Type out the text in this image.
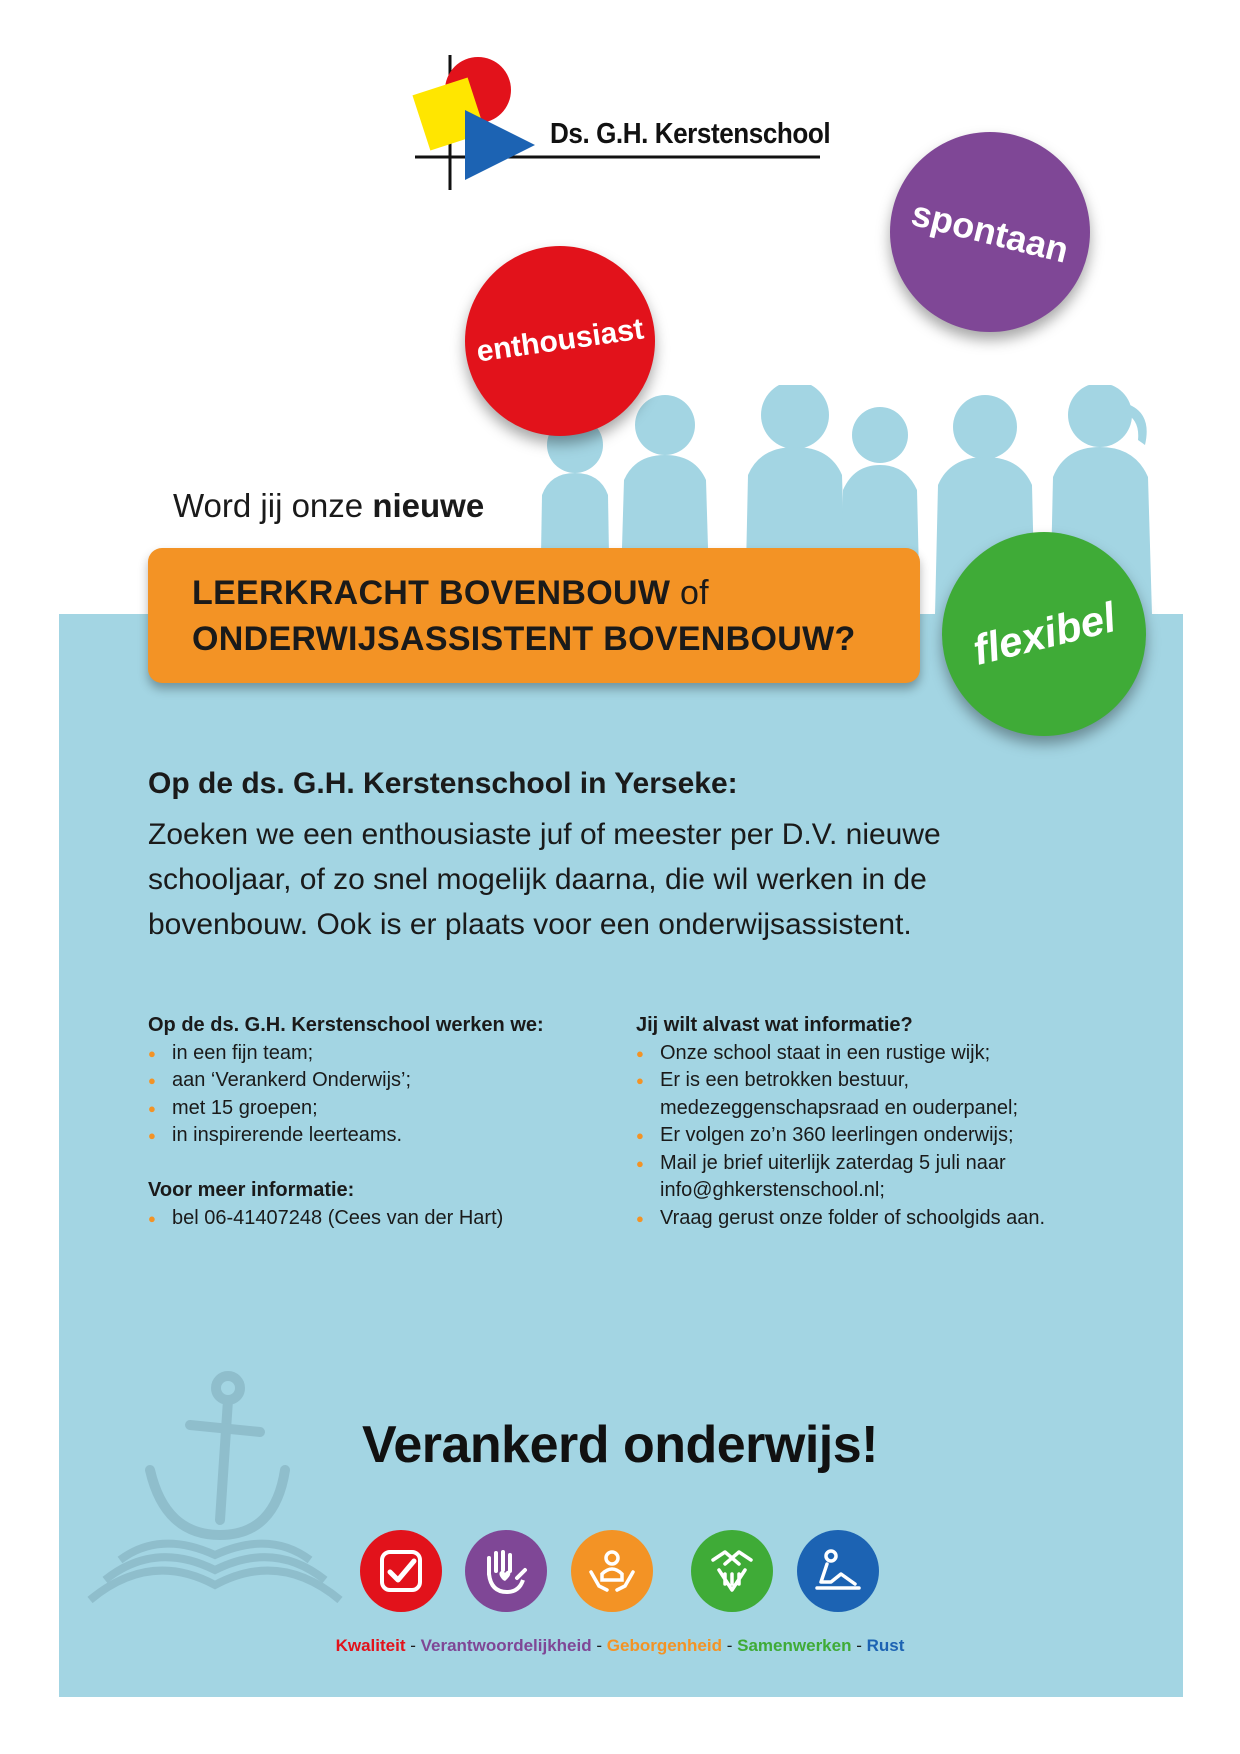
Ds. G.H. Kerstenschool
enthousiast
spontaan
Word jij onze nieuwe
LEERKRACHT BOVENBOUW of
ONDERWIJSASSISTENT BOVENBOUW?	flexibel
Op de ds. G.H. Kerstenschool in Yerseke:
Zoeken we een enthousiaste juf of meester per D.V. nieuwe
schooljaar, of zo snel mogelijk daarna, die wil werken in de
bovenbouw. Ook is er plaats voor een onderwijsassistent.
Op de ds. G.H. Kerstenschool werken we:
● in een fijn team;
● aan ‘Verankerd Onderwijs’;
● met 15 groepen;
● in inspirerende leerteams.
Voor meer informatie:
● bel 06-41407248 (Cees van der Hart)
Jij wilt alvast wat informatie?
● Onze school staat in een rustige wijk;
● Er is een betrokken bestuur,
medezeggenschapsraad en ouderpanel;
● Er volgen zo’n 360 leerlingen onderwijs;
● Mail je brief uiterlijk zaterdag 5 juli naar
info@ghkerstenschool.nl;
● Vraag gerust onze folder of schoolgids aan.
Verankerd onderwijs!
Kwaliteit - Verantwoordelijkheid - Geborgenheid - Samenwerken - Rust
